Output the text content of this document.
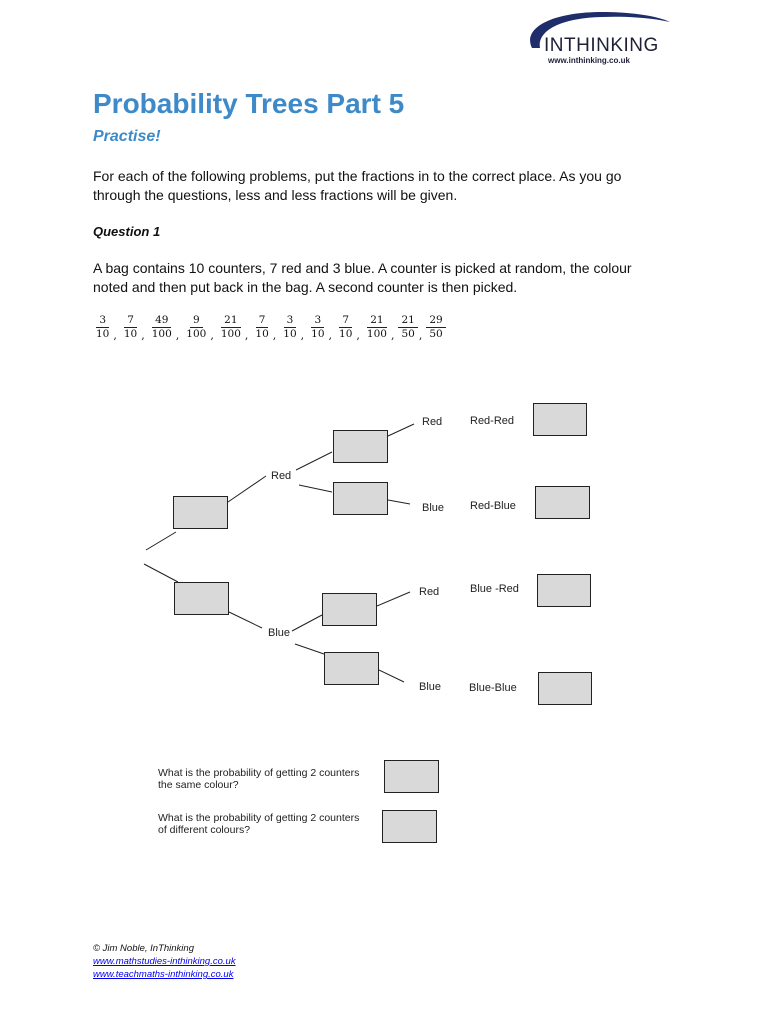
INTHINKING
www.inthinking.co.uk
Probability Trees Part 5
Practise!

For each of the following problems, put the fractions in to the correct place. As you go through the questions, less and less fractions will be given.

Question 1

A bag contains 10 counters, 7 red and 3 blue. A counter is picked at random, the colour noted and then put back in the bag. A second counter is then picked.

$\frac{3}{10}$ , $\frac{7}{10}$ , $\frac{49}{100}$ , $\frac{9}{100}$ , $\frac{21}{100}$ , $\frac{7}{10}$ , $\frac{3}{10}$ , $\frac{3}{10}$ , $\frac{7}{10}$ , $\frac{21}{100}$ , $\frac{21}{50}$ , $\frac{29}{50}$
Red
Blue
Red
Blue
Red
Blue
Red-Red
Red-Blue
Blue -Red
Blue-Blue

What is the probability of getting 2 counters the same colour?

What is the probability of getting 2 counters of different colours?

© Jim Noble, InThinking
www.mathstudies-inthinking.co.uk
www.teachmaths-inthinking.co.uk
